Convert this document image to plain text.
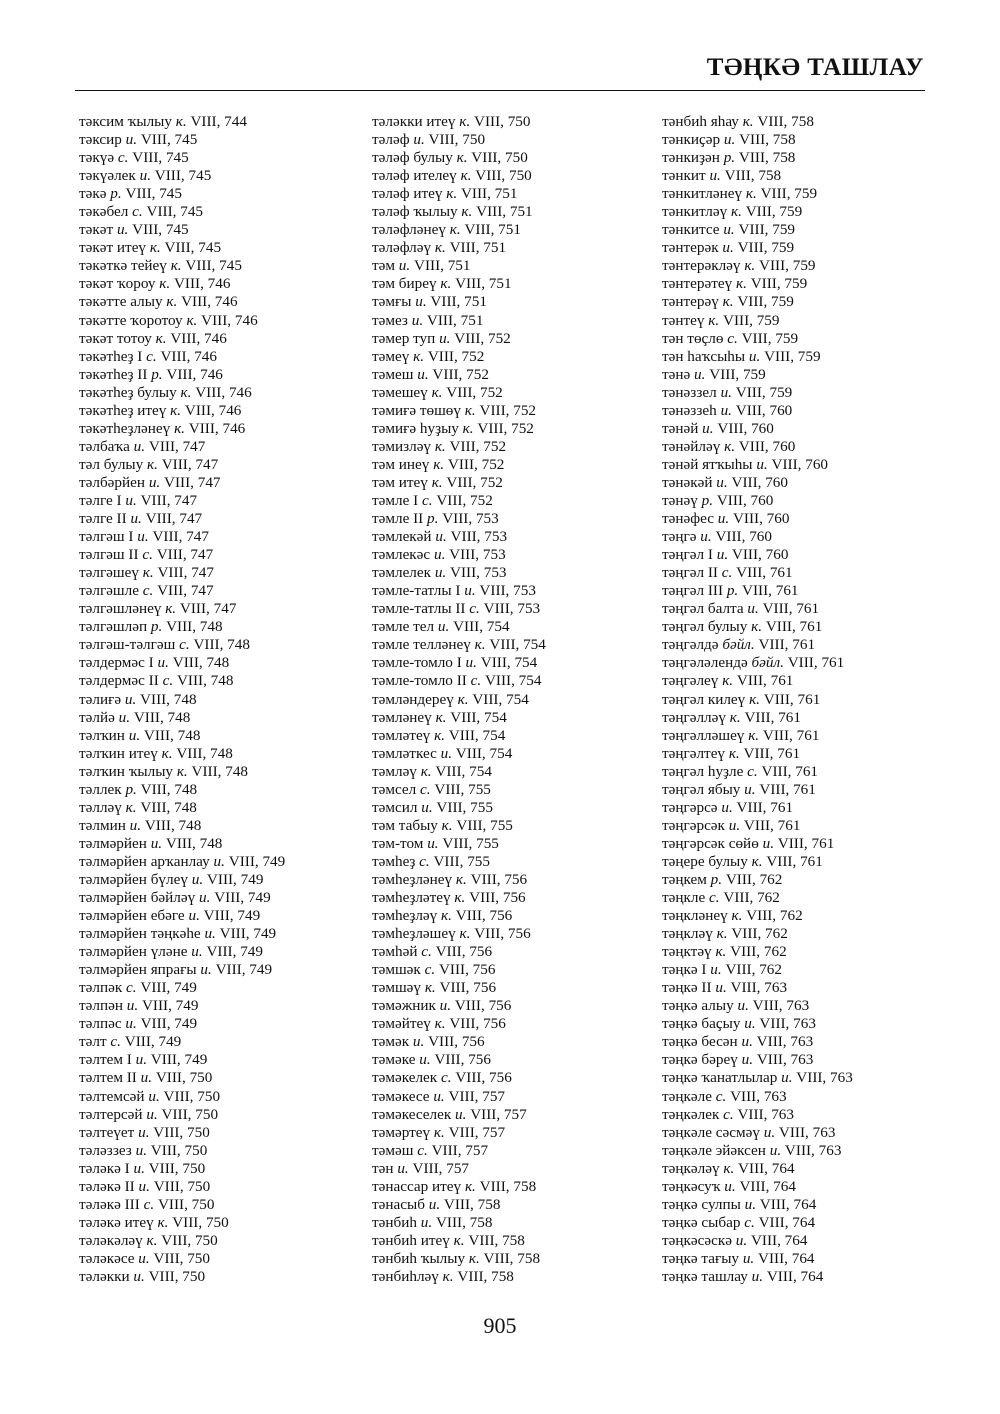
ТӘҢКӘ ТАШЛАУ
тәксим ҡылыу к. VIII, 744
тәксир и. VIII, 745
тәкүә с. VIII, 745
тәкүәлек и. VIII, 745
тәкә р. VIII, 745
тәкәбел с. VIII, 745
тәкәт и. VIII, 745
тәкәт итеү к. VIII, 745
тәкәткә тейеү к. VIII, 745
тәкәт ҡороу к. VIII, 746
тәкәтте алыу к. VIII, 746
тәкәтте ҡоротоу к. VIII, 746
тәкәт тотоу к. VIII, 746
тәкәтһеҙ I с. VIII, 746
тәкәтһеҙ II р. VIII, 746
тәкәтһеҙ булыу к. VIII, 746
тәкәтһеҙ итеү к. VIII, 746
тәкәтһеҙләнеү к. VIII, 746
тәлбаҡа и. VIII, 747
тәл булыу к. VIII, 747
тәлбәрйен и. VIII, 747
тәлге I и. VIII, 747
тәлге II и. VIII, 747
тәлгәш I и. VIII, 747
тәлгәш II с. VIII, 747
тәлгәшеү к. VIII, 747
тәлгәшле с. VIII, 747
тәлгәшләнеү к. VIII, 747
тәлгәшләп р. VIII, 748
тәлгәш-тәлгәш с. VIII, 748
тәлдермәс I и. VIII, 748
тәлдермәс II с. VIII, 748
тәлиғә и. VIII, 748
тәлйә и. VIII, 748
тәлҡин и. VIII, 748
тәлҡин итеү к. VIII, 748
тәлҡин ҡылыу к. VIII, 748
тәллек р. VIII, 748
тәлләү к. VIII, 748
тәлмин и. VIII, 748
тәлмәрйен и. VIII, 748
тәлмәрйен арҡанлау и. VIII, 749
тәлмәрйен бүлеү и. VIII, 749
тәлмәрйен бәйләү и. VIII, 749
тәлмәрйен ебәге и. VIII, 749
тәлмәрйен тәңкәһе и. VIII, 749
тәлмәрйен үләне и. VIII, 749
тәлмәрйен япрағы и. VIII, 749
тәлпәк с. VIII, 749
тәлпән и. VIII, 749
тәлпәс и. VIII, 749
тәлт с. VIII, 749
тәлтем I и. VIII, 749
тәлтем II и. VIII, 750
тәлтемсәй и. VIII, 750
тәлтерсәй и. VIII, 750
тәлтеүет и. VIII, 750
тәләззез и. VIII, 750
тәләкә I и. VIII, 750
тәләкә II и. VIII, 750
тәләкә III с. VIII, 750
тәләкә итеү к. VIII, 750
тәләкәләү к. VIII, 750
тәләкәсе и. VIII, 750
тәләкки и. VIII, 750
тәләкки итеү к. VIII, 750
тәләф и. VIII, 750
тәләф булыу к. VIII, 750
тәләф ителеү к. VIII, 750
тәләф итеү к. VIII, 751
тәләф ҡылыу к. VIII, 751
тәләфләнеү к. VIII, 751
тәләфләү к. VIII, 751
тәм и. VIII, 751
тәм биреү к. VIII, 751
тәмғы и. VIII, 751
тәмез и. VIII, 751
тәмер туп и. VIII, 752
тәмеү к. VIII, 752
тәмеш и. VIII, 752
тәмешеү к. VIII, 752
тәмиғә төшөү к. VIII, 752
тәмиғә һуҙыу к. VIII, 752
тәмизләү к. VIII, 752
тәм инеү к. VIII, 752
тәм итеү к. VIII, 752
тәмле I с. VIII, 752
тәмле II р. VIII, 753
тәмлекәй и. VIII, 753
тәмлекәс и. VIII, 753
тәмлелек и. VIII, 753
тәмле-татлы I и. VIII, 753
тәмле-татлы II с. VIII, 753
тәмле тел и. VIII, 754
тәмле телләнеү к. VIII, 754
тәмле-томло I и. VIII, 754
тәмле-томло II с. VIII, 754
тәмләндереү к. VIII, 754
тәмләнеү к. VIII, 754
тәмләтеү к. VIII, 754
тәмләткес и. VIII, 754
тәмләү к. VIII, 754
тәмсел с. VIII, 755
тәмсил и. VIII, 755
тәм табыу к. VIII, 755
тәм-том и. VIII, 755
тәмһеҙ с. VIII, 755
тәмһеҙләнеү к. VIII, 756
тәмһеҙләтеү к. VIII, 756
тәмһеҙләү к. VIII, 756
тәмһеҙләшеү к. VIII, 756
тәмһәй с. VIII, 756
тәмшәк с. VIII, 756
тәмшәү к. VIII, 756
тәмәжник и. VIII, 756
тәмәйтеү к. VIII, 756
тәмәк и. VIII, 756
тәмәке и. VIII, 756
тәмәкелек с. VIII, 756
тәмәкесе и. VIII, 757
тәмәкеселек и. VIII, 757
тәмәртеү к. VIII, 757
тәмәш с. VIII, 757
тән и. VIII, 757
тәнассар итеү к. VIII, 758
тәнасыб и. VIII, 758
тәнбиһ и. VIII, 758
тәнбиһ итеү к. VIII, 758
тәнбиһ ҡылыу к. VIII, 758
тәнбиһләү к. VIII, 758
тәнбиһ яһау к. VIII, 758
тәнкиҫәр и. VIII, 758
тәнкиҙән р. VIII, 758
тәнкит и. VIII, 758
тәнкитләнеү к. VIII, 759
тәнкитләү к. VIII, 759
тәнкитсе и. VIII, 759
тәнтерәк и. VIII, 759
тәнтерәкләү к. VIII, 759
тәнтерәтеү к. VIII, 759
тәнтерәү к. VIII, 759
тәнтеү к. VIII, 759
тән төҫлө с. VIII, 759
тән һаҡсыһы и. VIII, 759
тәнә и. VIII, 759
тәнәззел и. VIII, 759
тәнәззеһ и. VIII, 760
тәнәй и. VIII, 760
тәнәйләү к. VIII, 760
тәнәй ятҡыһы и. VIII, 760
тәнәкәй и. VIII, 760
тәнәү р. VIII, 760
тәнәфес и. VIII, 760
тәңгә и. VIII, 760
тәңгәл I и. VIII, 760
тәңгәл II с. VIII, 761
тәңгәл III р. VIII, 761
тәңгәл балта и. VIII, 761
тәңгәл булыу к. VIII, 761
тәңгәлдә бәйл. VIII, 761
тәңгәләлендә бәйл. VIII, 761
тәңгәлеү к. VIII, 761
тәңгәл килеү к. VIII, 761
тәңгәлләү к. VIII, 761
тәңгәлләшеү к. VIII, 761
тәңгәлтеү к. VIII, 761
тәңгәл һуҙле с. VIII, 761
тәңгәл ябыу и. VIII, 761
тәңгәрсә и. VIII, 761
тәңгәрсәк и. VIII, 761
тәңгәрсәк сөйө и. VIII, 761
тәңере булыу к. VIII, 761
тәңкем р. VIII, 762
тәңкле с. VIII, 762
тәңкләнеү к. VIII, 762
тәңкләү к. VIII, 762
тәңктәү к. VIII, 762
тәңкә I и. VIII, 762
тәңкә II и. VIII, 763
тәңкә алыу и. VIII, 763
тәңкә баҫыу и. VIII, 763
тәңкә бесән и. VIII, 763
тәңкә бәреү и. VIII, 763
тәңкә ҡанатлылар и. VIII, 763
тәңкәле с. VIII, 763
тәңкәлек с. VIII, 763
тәңкәле сәсмәү и. VIII, 763
тәңкәле эйәксен и. VIII, 763
тәңкәләү к. VIII, 764
тәңкәсуҡ и. VIII, 764
тәңкә сулпы и. VIII, 764
тәңкә сыбар с. VIII, 764
тәңкәсәскә и. VIII, 764
тәңкә тағыу и. VIII, 764
тәңкә ташлау и. VIII, 764
905
